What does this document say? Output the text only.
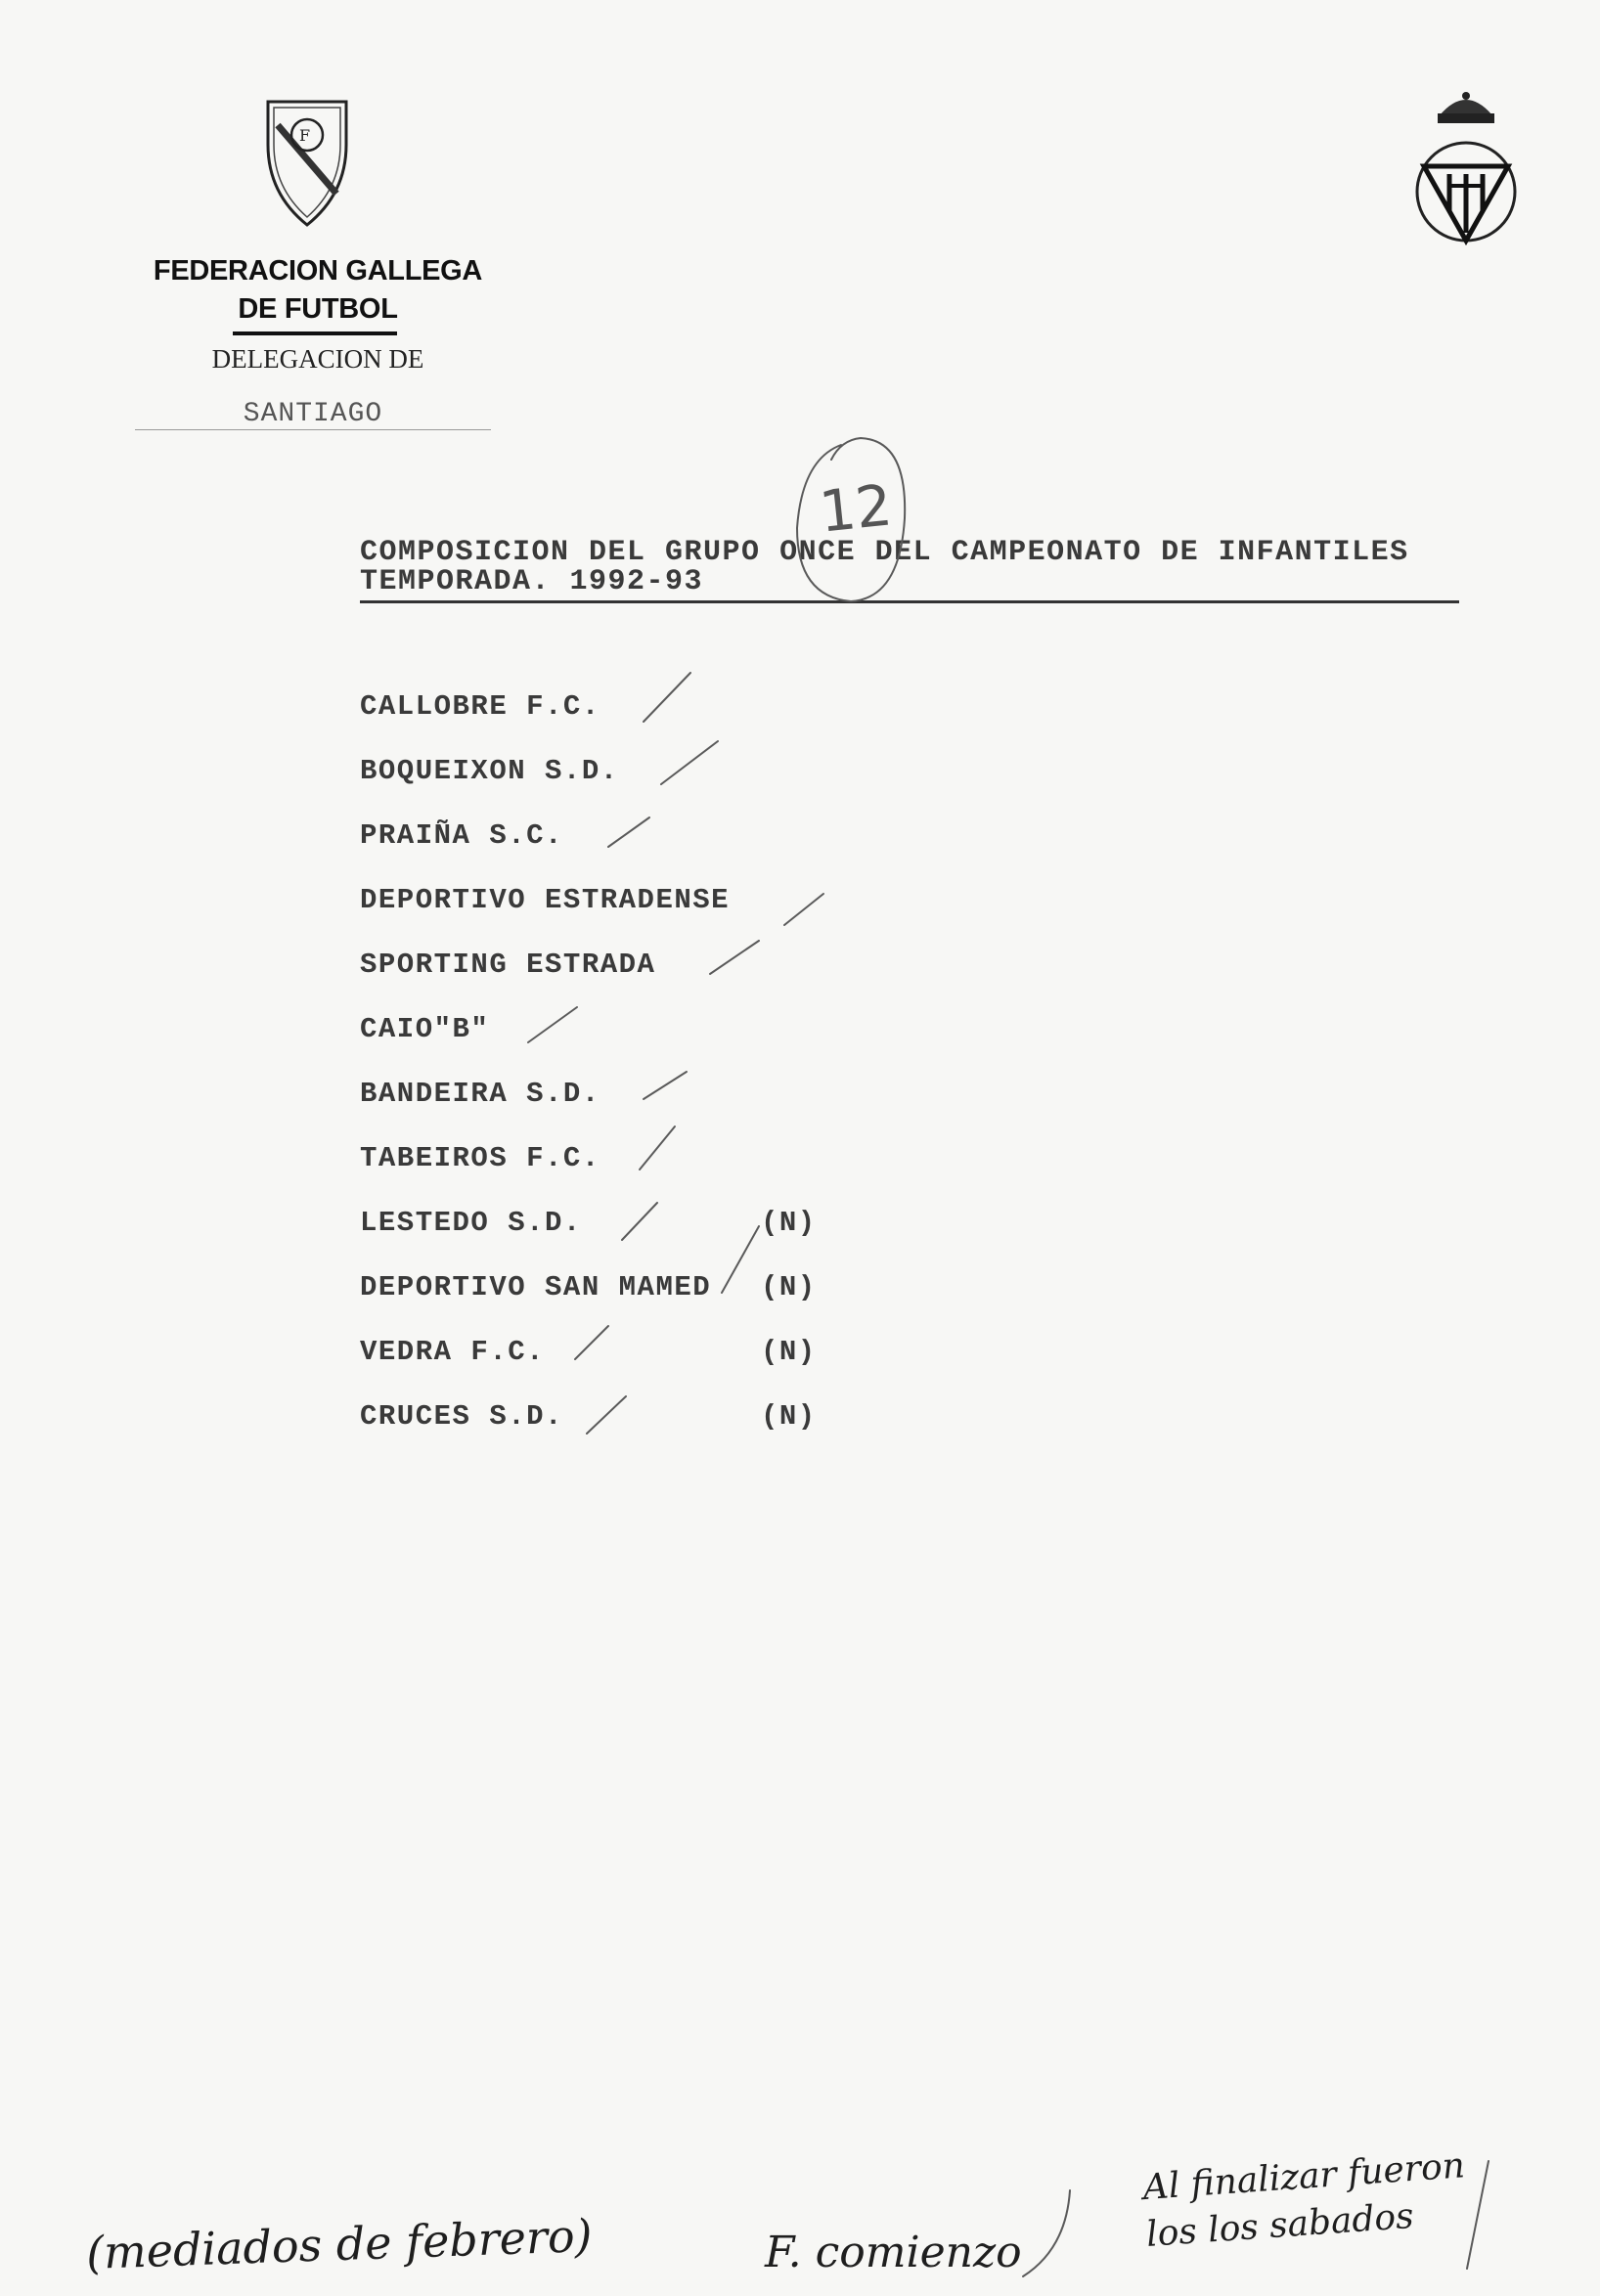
F
FEDERACION GALLEGA
DE FUTBOL
DELEGACION DE
SANTIAGO
COMPOSICION DEL GRUPO ONCE DEL CAMPEONATO DE INFANTILES
TEMPORADA. 1992-93
12
CALLOBRE F.C.
BOQUEIXON S.D.
PRAIÑA S.C.
DEPORTIVO ESTRADENSE
SPORTING ESTRADA
CAIO"B"
BANDEIRA S.D.
TABEIROS F.C.
LESTEDO S.D.	(N)
DEPORTIVO SAN MAMED (N)
VEDRA F.C.	(N)
CRUCES S.D.	(N)
(mediados de febrero)	F. comienzo
Al finalizar fueron
los los sabados
